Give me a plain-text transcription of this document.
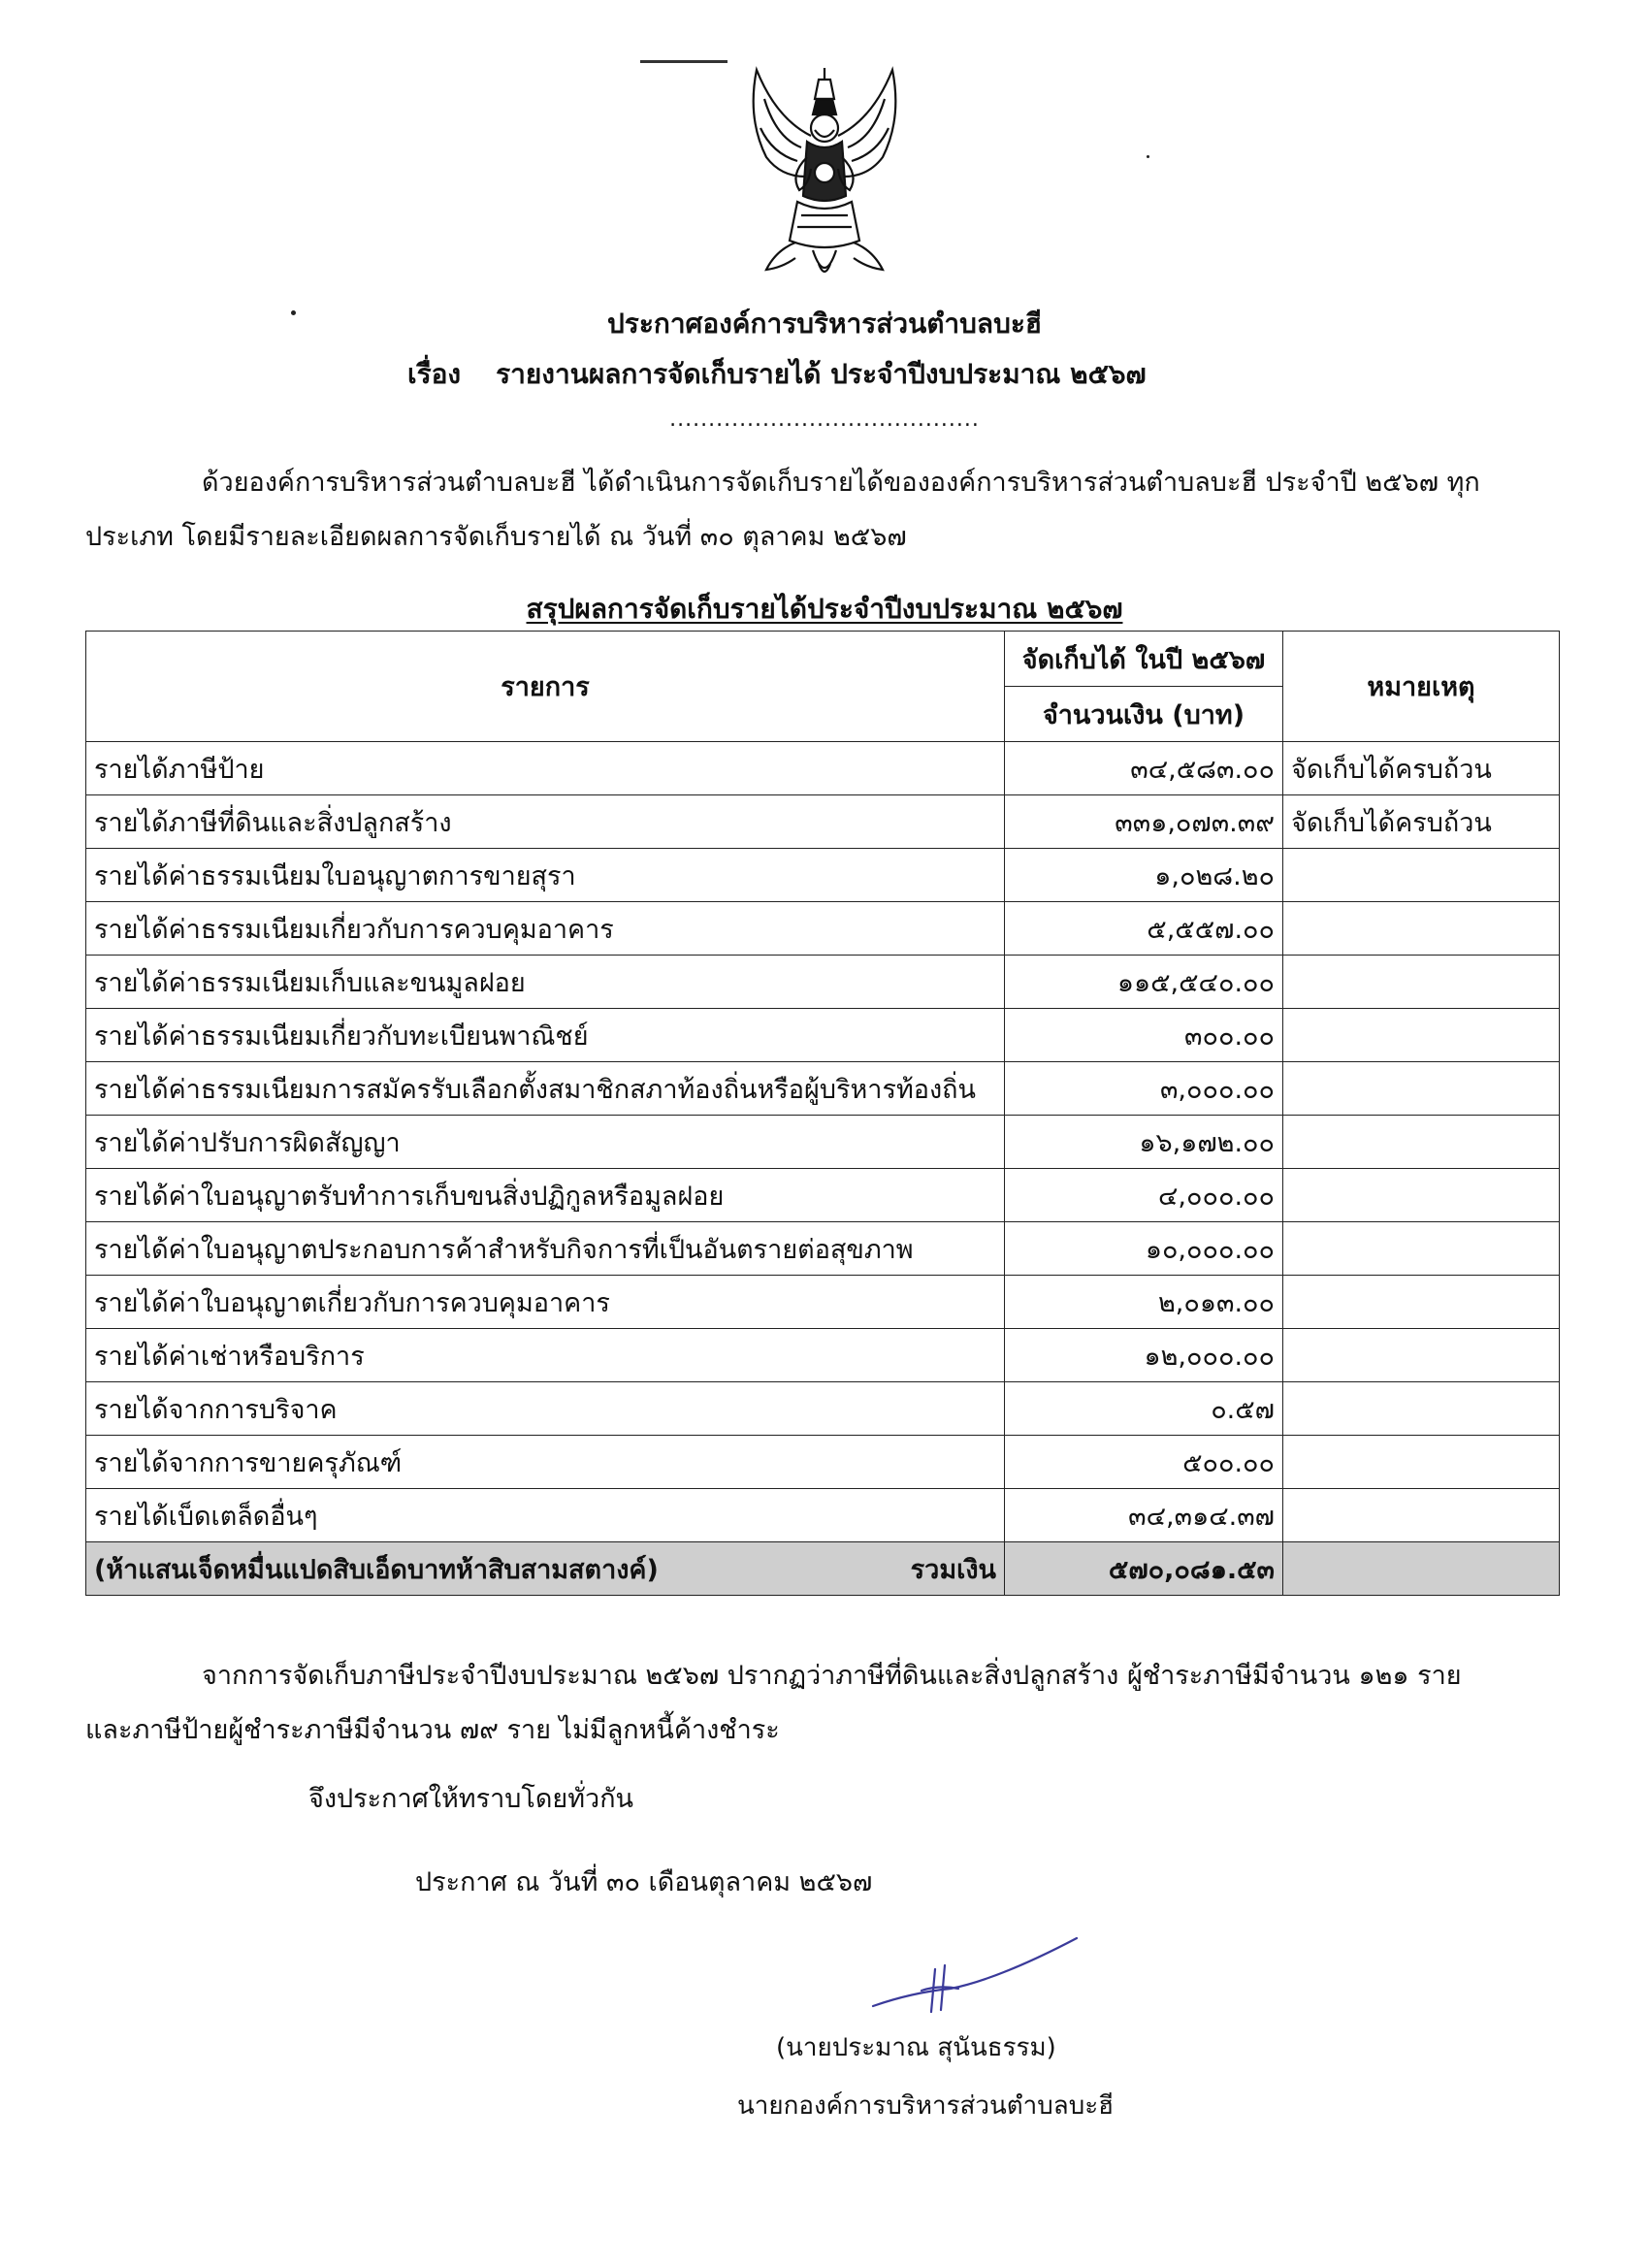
ประกาศองค์การบริหารส่วนตำบลบะฮี
เรื่อง รายงานผลการจัดเก็บรายได้ ประจำปีงบประมาณ ๒๕๖๗
........................................
ด้วยองค์การบริหารส่วนตำบลบะฮี ได้ดำเนินการจัดเก็บรายได้ขององค์การบริหารส่วนตำบลบะฮี ประจำปี ๒๕๖๗ ทุกประเภท โดยมีรายละเอียดผลการจัดเก็บรายได้ ณ วันที่ ๓๐ ตุลาคม ๒๕๖๗
สรุปผลการจัดเก็บรายได้ประจำปีงบประมาณ ๒๕๖๗
รายการ	จัดเก็บได้ ในปี ๒๕๖๗	หมายเหตุ
	จำนวนเงิน (บาท)	
รายได้ภาษีป้าย	๓๔,๕๘๓.๐๐	จัดเก็บได้ครบถ้วน
รายได้ภาษีที่ดินและสิ่งปลูกสร้าง	๓๓๑,๐๗๓.๓๙	จัดเก็บได้ครบถ้วน
รายได้ค่าธรรมเนียมใบอนุญาตการขายสุรา	๑,๐๒๘.๒๐	
รายได้ค่าธรรมเนียมเกี่ยวกับการควบคุมอาคาร	๕,๕๕๗.๐๐	
รายได้ค่าธรรมเนียมเก็บและขนมูลฝอย	๑๑๕,๕๔๐.๐๐	
รายได้ค่าธรรมเนียมเกี่ยวกับทะเบียนพาณิชย์	๓๐๐.๐๐	
รายได้ค่าธรรมเนียมการสมัครรับเลือกตั้งสมาชิกสภาท้องถิ่นหรือผู้บริหารท้องถิ่น	๓,๐๐๐.๐๐	
รายได้ค่าปรับการผิดสัญญา	๑๖,๑๗๒.๐๐	
รายได้ค่าใบอนุญาตรับทำการเก็บขนสิ่งปฏิกูลหรือมูลฝอย	๔,๐๐๐.๐๐	
รายได้ค่าใบอนุญาตประกอบการค้าสำหรับกิจการที่เป็นอันตรายต่อสุขภาพ	๑๐,๐๐๐.๐๐	
รายได้ค่าใบอนุญาตเกี่ยวกับการควบคุมอาคาร	๒,๐๑๓.๐๐	
รายได้ค่าเช่าหรือบริการ	๑๒,๐๐๐.๐๐	
รายได้จากการบริจาค	๐.๕๗	
รายได้จากการขายครุภัณฑ์	๕๐๐.๐๐	
รายได้เบ็ดเตล็ดอื่นๆ	๓๔,๓๑๔.๓๗	

(ห้าแสนเจ็ดหมื่นแปดสิบเอ็ดบาทห้าสิบสามสตางค์) รวมเงิน	๕๗๐,๐๘๑.๕๓	
จากการจัดเก็บภาษีประจำปีงบประมาณ ๒๕๖๗ ปรากฏว่าภาษีที่ดินและสิ่งปลูกสร้าง ผู้ชำระภาษีมีจำนวน ๑๒๑ ราย และภาษีป้ายผู้ชำระภาษีมีจำนวน ๗๙ ราย ไม่มีลูกหนี้ค้างชำระ
จึงประกาศให้ทราบโดยทั่วกัน
ประกาศ ณ วันที่ ๓๐ เดือนตุลาคม ๒๕๖๗
(นายประมาณ สุนันธรรม)
นายกองค์การบริหารส่วนตำบลบะฮี
